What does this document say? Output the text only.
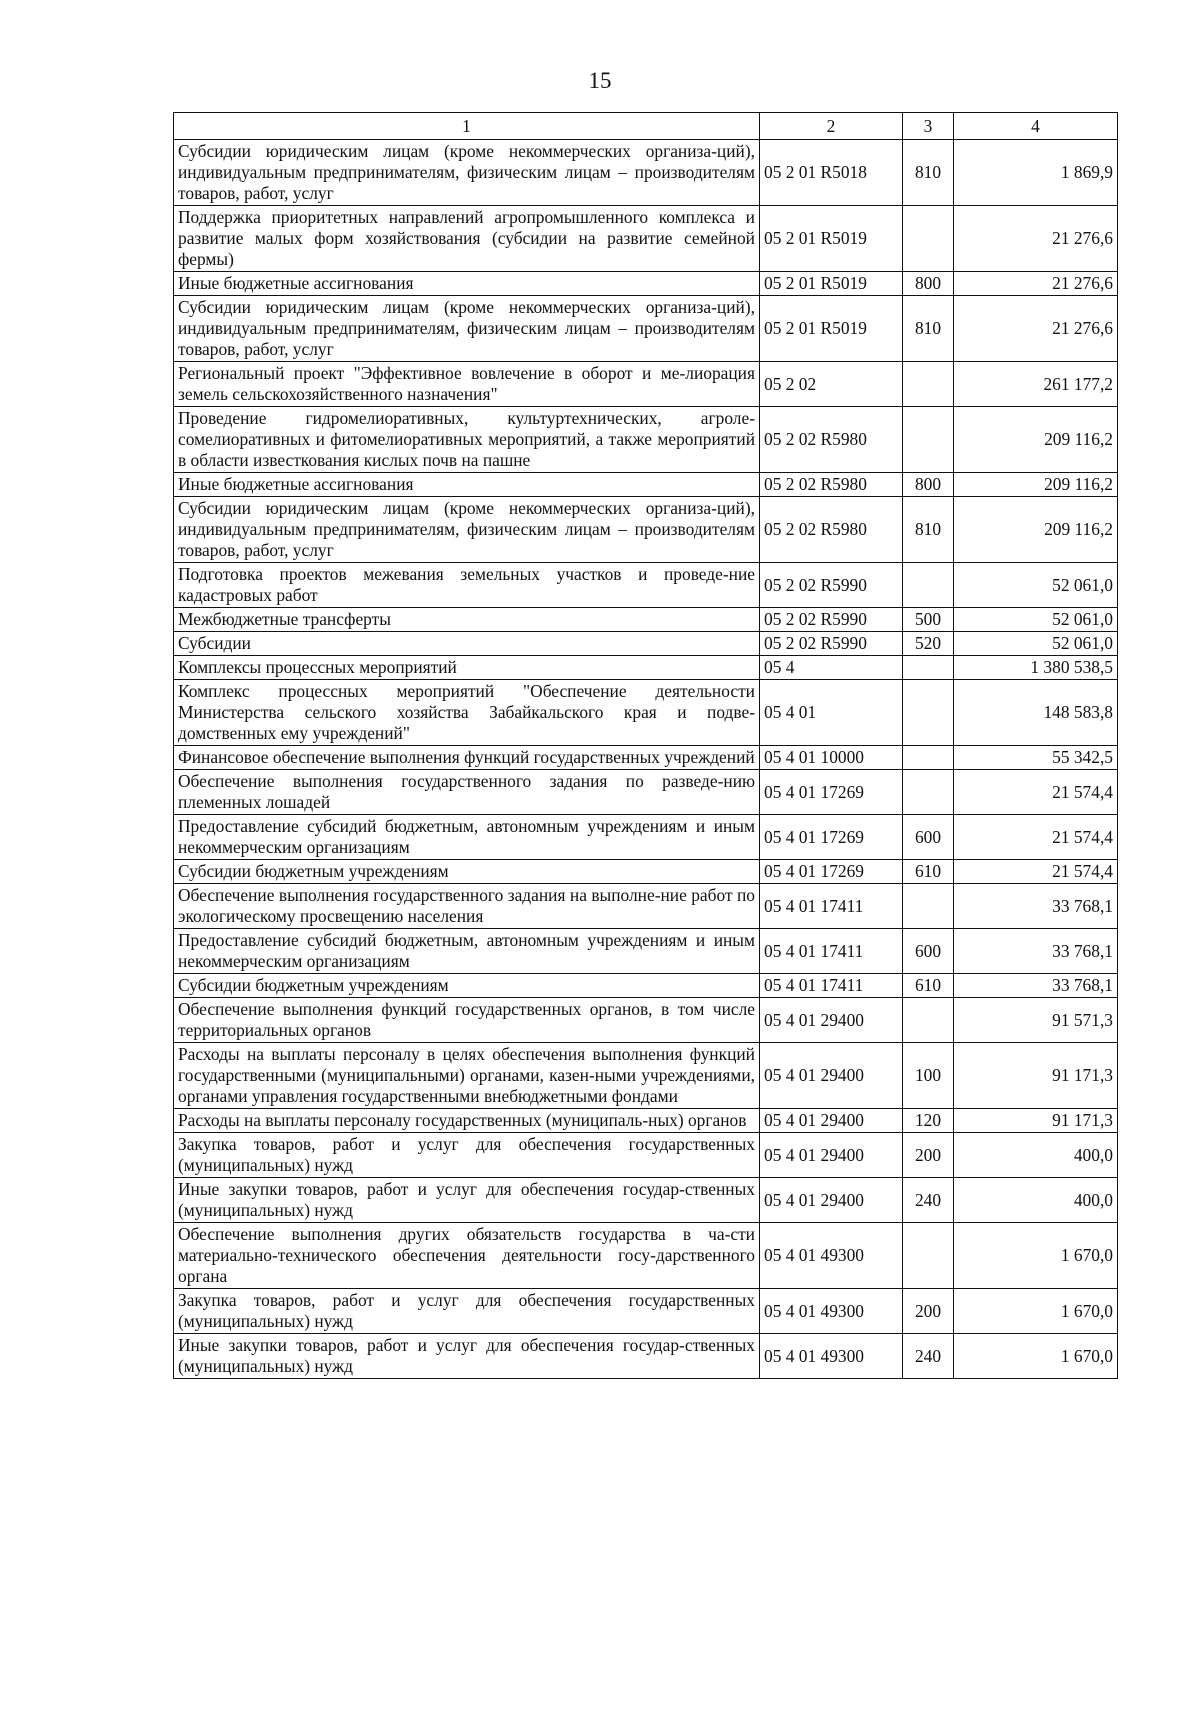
15
1	2	3	4
Субсидии юридическим лицам (кроме некоммерческих организа-ций), индивидуальным предпринимателям, физическим лицам – производителям товаров, работ, услуг	05 2 01 R5018	810	1 869,9
Поддержка приоритетных направлений агропромышленного комплекса и развитие малых форм хозяйствования (субсидии на развитие семейной фермы)	05 2 01 R5019		21 276,6
Иные бюджетные ассигнования	05 2 01 R5019	800	21 276,6
Субсидии юридическим лицам (кроме некоммерческих организа-ций), индивидуальным предпринимателям, физическим лицам – производителям товаров, работ, услуг	05 2 01 R5019	810	21 276,6
Региональный проект "Эффективное вовлечение в оборот и ме-лиорация земель сельскохозяйственного назначения"	05 2 02		261 177,2
Проведение гидромелиоративных, культуртехнических, агроле-сомелиоративных и фитомелиоративных мероприятий, а также мероприятий в области известкования кислых почв на пашне	05 2 02 R5980		209 116,2
Иные бюджетные ассигнования	05 2 02 R5980	800	209 116,2
Субсидии юридическим лицам (кроме некоммерческих организа-ций), индивидуальным предпринимателям, физическим лицам – производителям товаров, работ, услуг	05 2 02 R5980	810	209 116,2
Подготовка проектов межевания земельных участков и проведе-ние кадастровых работ	05 2 02 R5990		52 061,0
Межбюджетные трансферты	05 2 02 R5990	500	52 061,0
Субсидии	05 2 02 R5990	520	52 061,0
Комплексы процессных мероприятий	05 4		1 380 538,5
Комплекс процессных мероприятий "Обеспечение деятельности Министерства сельского хозяйства Забайкальского края и подве-домственных ему учреждений"	05 4 01		148 583,8
Финансовое обеспечение выполнения функций государственных учреждений	05 4 01 10000		55 342,5
Обеспечение выполнения государственного задания по разведе-нию племенных лошадей	05 4 01 17269		21 574,4
Предоставление субсидий бюджетным, автономным учреждениям и иным некоммерческим организациям	05 4 01 17269	600	21 574,4
Субсидии бюджетным учреждениям	05 4 01 17269	610	21 574,4
Обеспечение выполнения государственного задания на выполне-ние работ по экологическому просвещению населения	05 4 01 17411		33 768,1
Предоставление субсидий бюджетным, автономным учреждениям и иным некоммерческим организациям	05 4 01 17411	600	33 768,1
Субсидии бюджетным учреждениям	05 4 01 17411	610	33 768,1
Обеспечение выполнения функций государственных органов, в том числе территориальных органов	05 4 01 29400		91 571,3
Расходы на выплаты персоналу в целях обеспечения выполнения функций государственными (муниципальными) органами, казен-ными учреждениями, органами управления государственными внебюджетными фондами	05 4 01 29400	100	91 171,3
Расходы на выплаты персоналу государственных (муниципаль-ных) органов	05 4 01 29400	120	91 171,3
Закупка товаров, работ и услуг для обеспечения государственных (муниципальных) нужд	05 4 01 29400	200	400,0
Иные закупки товаров, работ и услуг для обеспечения государ-ственных (муниципальных) нужд	05 4 01 29400	240	400,0
Обеспечение выполнения других обязательств государства в ча-сти материально-технического обеспечения деятельности госу-дарственного органа	05 4 01 49300		1 670,0
Закупка товаров, работ и услуг для обеспечения государственных (муниципальных) нужд	05 4 01 49300	200	1 670,0
Иные закупки товаров, работ и услуг для обеспечения государ-ственных (муниципальных) нужд	05 4 01 49300	240	1 670,0
